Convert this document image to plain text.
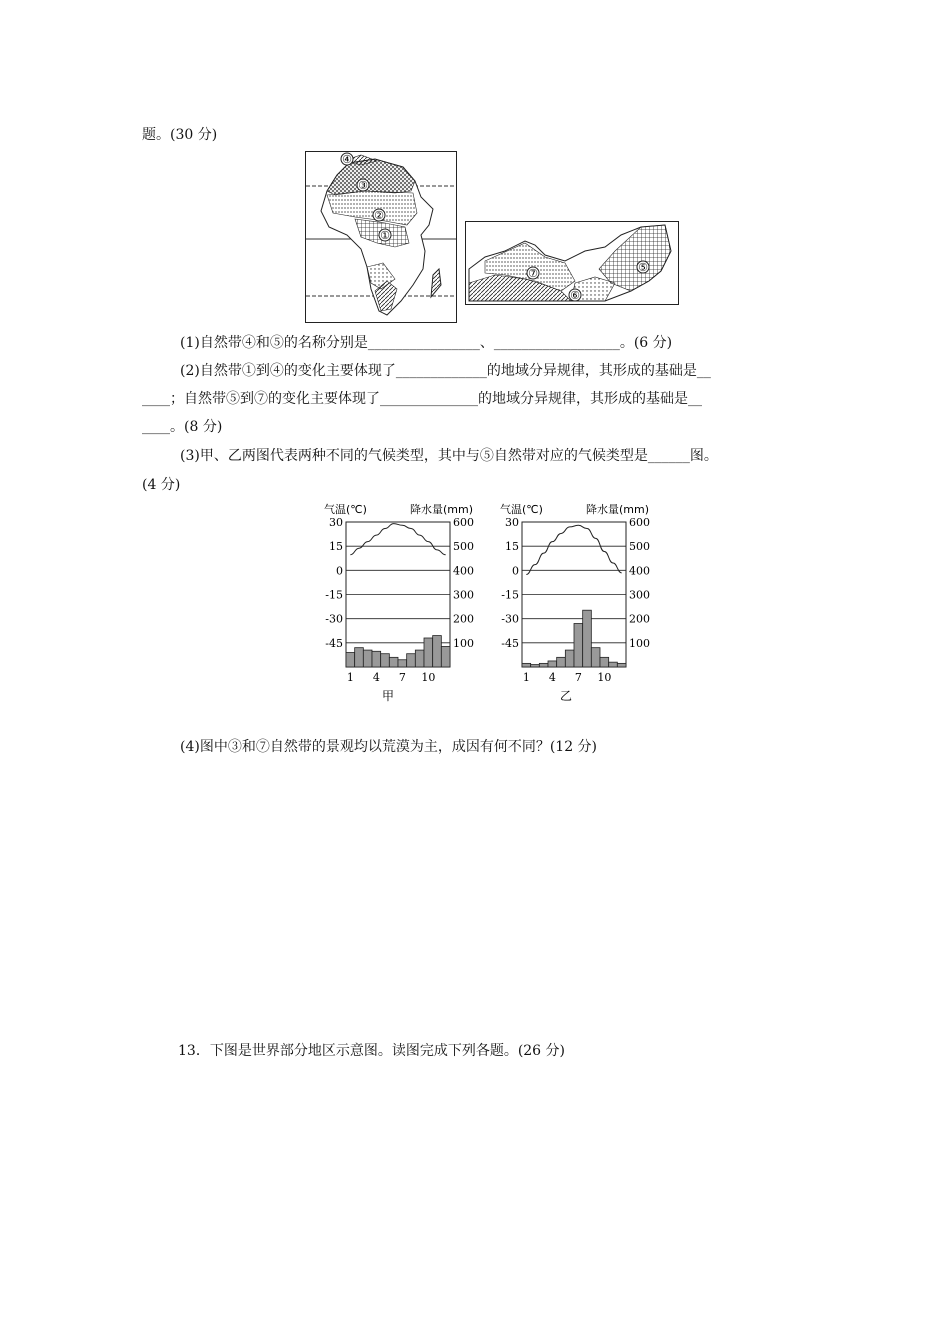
题。(30 分)
④
③
②
①
⑤
⑥
⑦
(1)自然带④和⑤的名称分别是________________、__________________。(6 分)
(2)自然带①到④的变化主要体现了_____________的地域分异规律，其形成的基础是__
____；自然带⑤到⑦的变化主要体现了______________的地域分异规律，其形成的基础是__
____。(8 分)
(3)甲、乙两图代表两种不同的气候类型，其中与⑤自然带对应的气候类型是______图。
(4 分)
气温(℃)	降水量(mm)
30	600
15	500
0	400
-15	300
-30	200
-45	100
1 4 7 10
甲
气温(℃)	降水量(mm)
30	600
15	500
0	400
-15	300
-30	200
-45	100
1 4 7 10
乙
(4)图中③和⑦自然带的景观均以荒漠为主，成因有何不同？(12 分)
13．下图是世界部分地区示意图。读图完成下列各题。(26 分)
